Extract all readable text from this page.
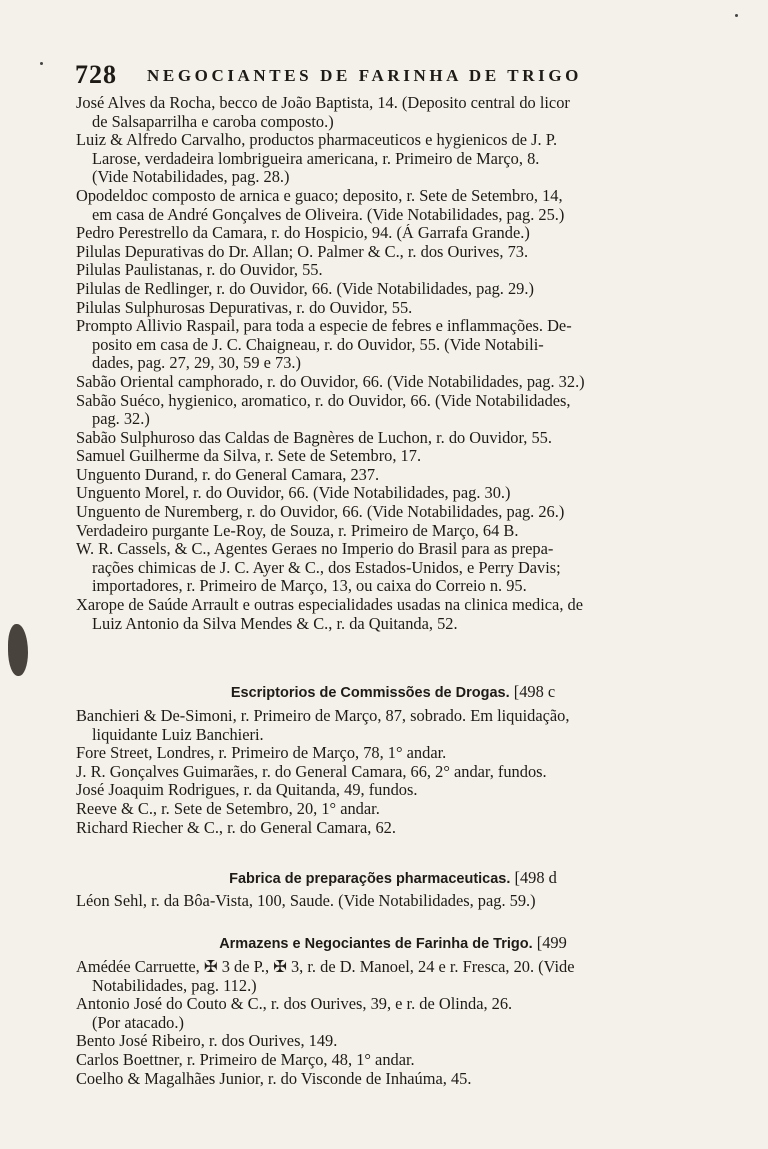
728 NEGOCIANTES DE FARINHA DE TRIGO
José Alves da Rocha, becco de João Baptista, 14. (Deposito central do licor
de Salsaparrilha e caroba composto.)
Luiz & Alfredo Carvalho, productos pharmaceuticos e hygienicos de J. P.
Larose, verdadeira lombrigueira americana, r. Primeiro de Março, 8.
(Vide Notabilidades, pag. 28.)
Opodeldoc composto de arnica e guaco; deposito, r. Sete de Setembro, 14,
em casa de André Gonçalves de Oliveira. (Vide Notabilidades, pag. 25.)
Pedro Perestrello da Camara, r. do Hospicio, 94. (Á Garrafa Grande.)
Pilulas Depurativas do Dr. Allan; O. Palmer & C., r. dos Ourives, 73.
Pilulas Paulistanas, r. do Ouvidor, 55.
Pilulas de Redlinger, r. do Ouvidor, 66. (Vide Notabilidades, pag. 29.)
Pilulas Sulphurosas Depurativas, r. do Ouvidor, 55.
Prompto Allivio Raspail, para toda a especie de febres e inflammações. De-
posito em casa de J. C. Chaigneau, r. do Ouvidor, 55. (Vide Notabili-
dades, pag. 27, 29, 30, 59 e 73.)
Sabão Oriental camphorado, r. do Ouvidor, 66. (Vide Notabilidades, pag. 32.)
Sabão Suéco, hygienico, aromatico, r. do Ouvidor, 66. (Vide Notabilidades,
pag. 32.)
Sabão Sulphuroso das Caldas de Bagnères de Luchon, r. do Ouvidor, 55.
Samuel Guilherme da Silva, r. Sete de Setembro, 17.
Unguento Durand, r. do General Camara, 237.
Unguento Morel, r. do Ouvidor, 66. (Vide Notabilidades, pag. 30.)
Unguento de Nuremberg, r. do Ouvidor, 66. (Vide Notabilidades, pag. 26.)
Verdadeiro purgante Le-Roy, de Souza, r. Primeiro de Março, 64 B.
W. R. Cassels, & C., Agentes Geraes no Imperio do Brasil para as prepa-
rações chimicas de J. C. Ayer & C., dos Estados-Unidos, e Perry Davis;
importadores, r. Primeiro de Março, 13, ou caixa do Correio n. 95.
Xarope de Saúde Arrault e outras especialidades usadas na clinica medica, de
Luiz Antonio da Silva Mendes & C., r. da Quitanda, 52.
Escriptorios de Commissões de Drogas. [498 c
Banchieri & De-Simoni, r. Primeiro de Março, 87, sobrado. Em liquidação,
liquidante Luiz Banchieri.
Fore Street, Londres, r. Primeiro de Março, 78, 1° andar.
J. R. Gonçalves Guimarães, r. do General Camara, 66, 2° andar, fundos.
José Joaquim Rodrigues, r. da Quitanda, 49, fundos.
Reeve & C., r. Sete de Setembro, 20, 1° andar.
Richard Riecher & C., r. do General Camara, 62.
Fabrica de preparações pharmaceuticas. [498 d
Léon Sehl, r. da Bôa-Vista, 100, Saude. (Vide Notabilidades, pag. 59.)
Armazens e Negociantes de Farinha de Trigo. [499
Amédée Carruette, ✠ 3 de P., ✠ 3, r. de D. Manoel, 24 e r. Fresca, 20. (Vide
Notabilidades, pag. 112.)
Antonio José do Couto & C., r. dos Ourives, 39, e r. de Olinda, 26.
(Por atacado.)
Bento José Ribeiro, r. dos Ourives, 149.
Carlos Boettner, r. Primeiro de Março, 48, 1° andar.
Coelho & Magalhães Junior, r. do Visconde de Inhaúma, 45.
